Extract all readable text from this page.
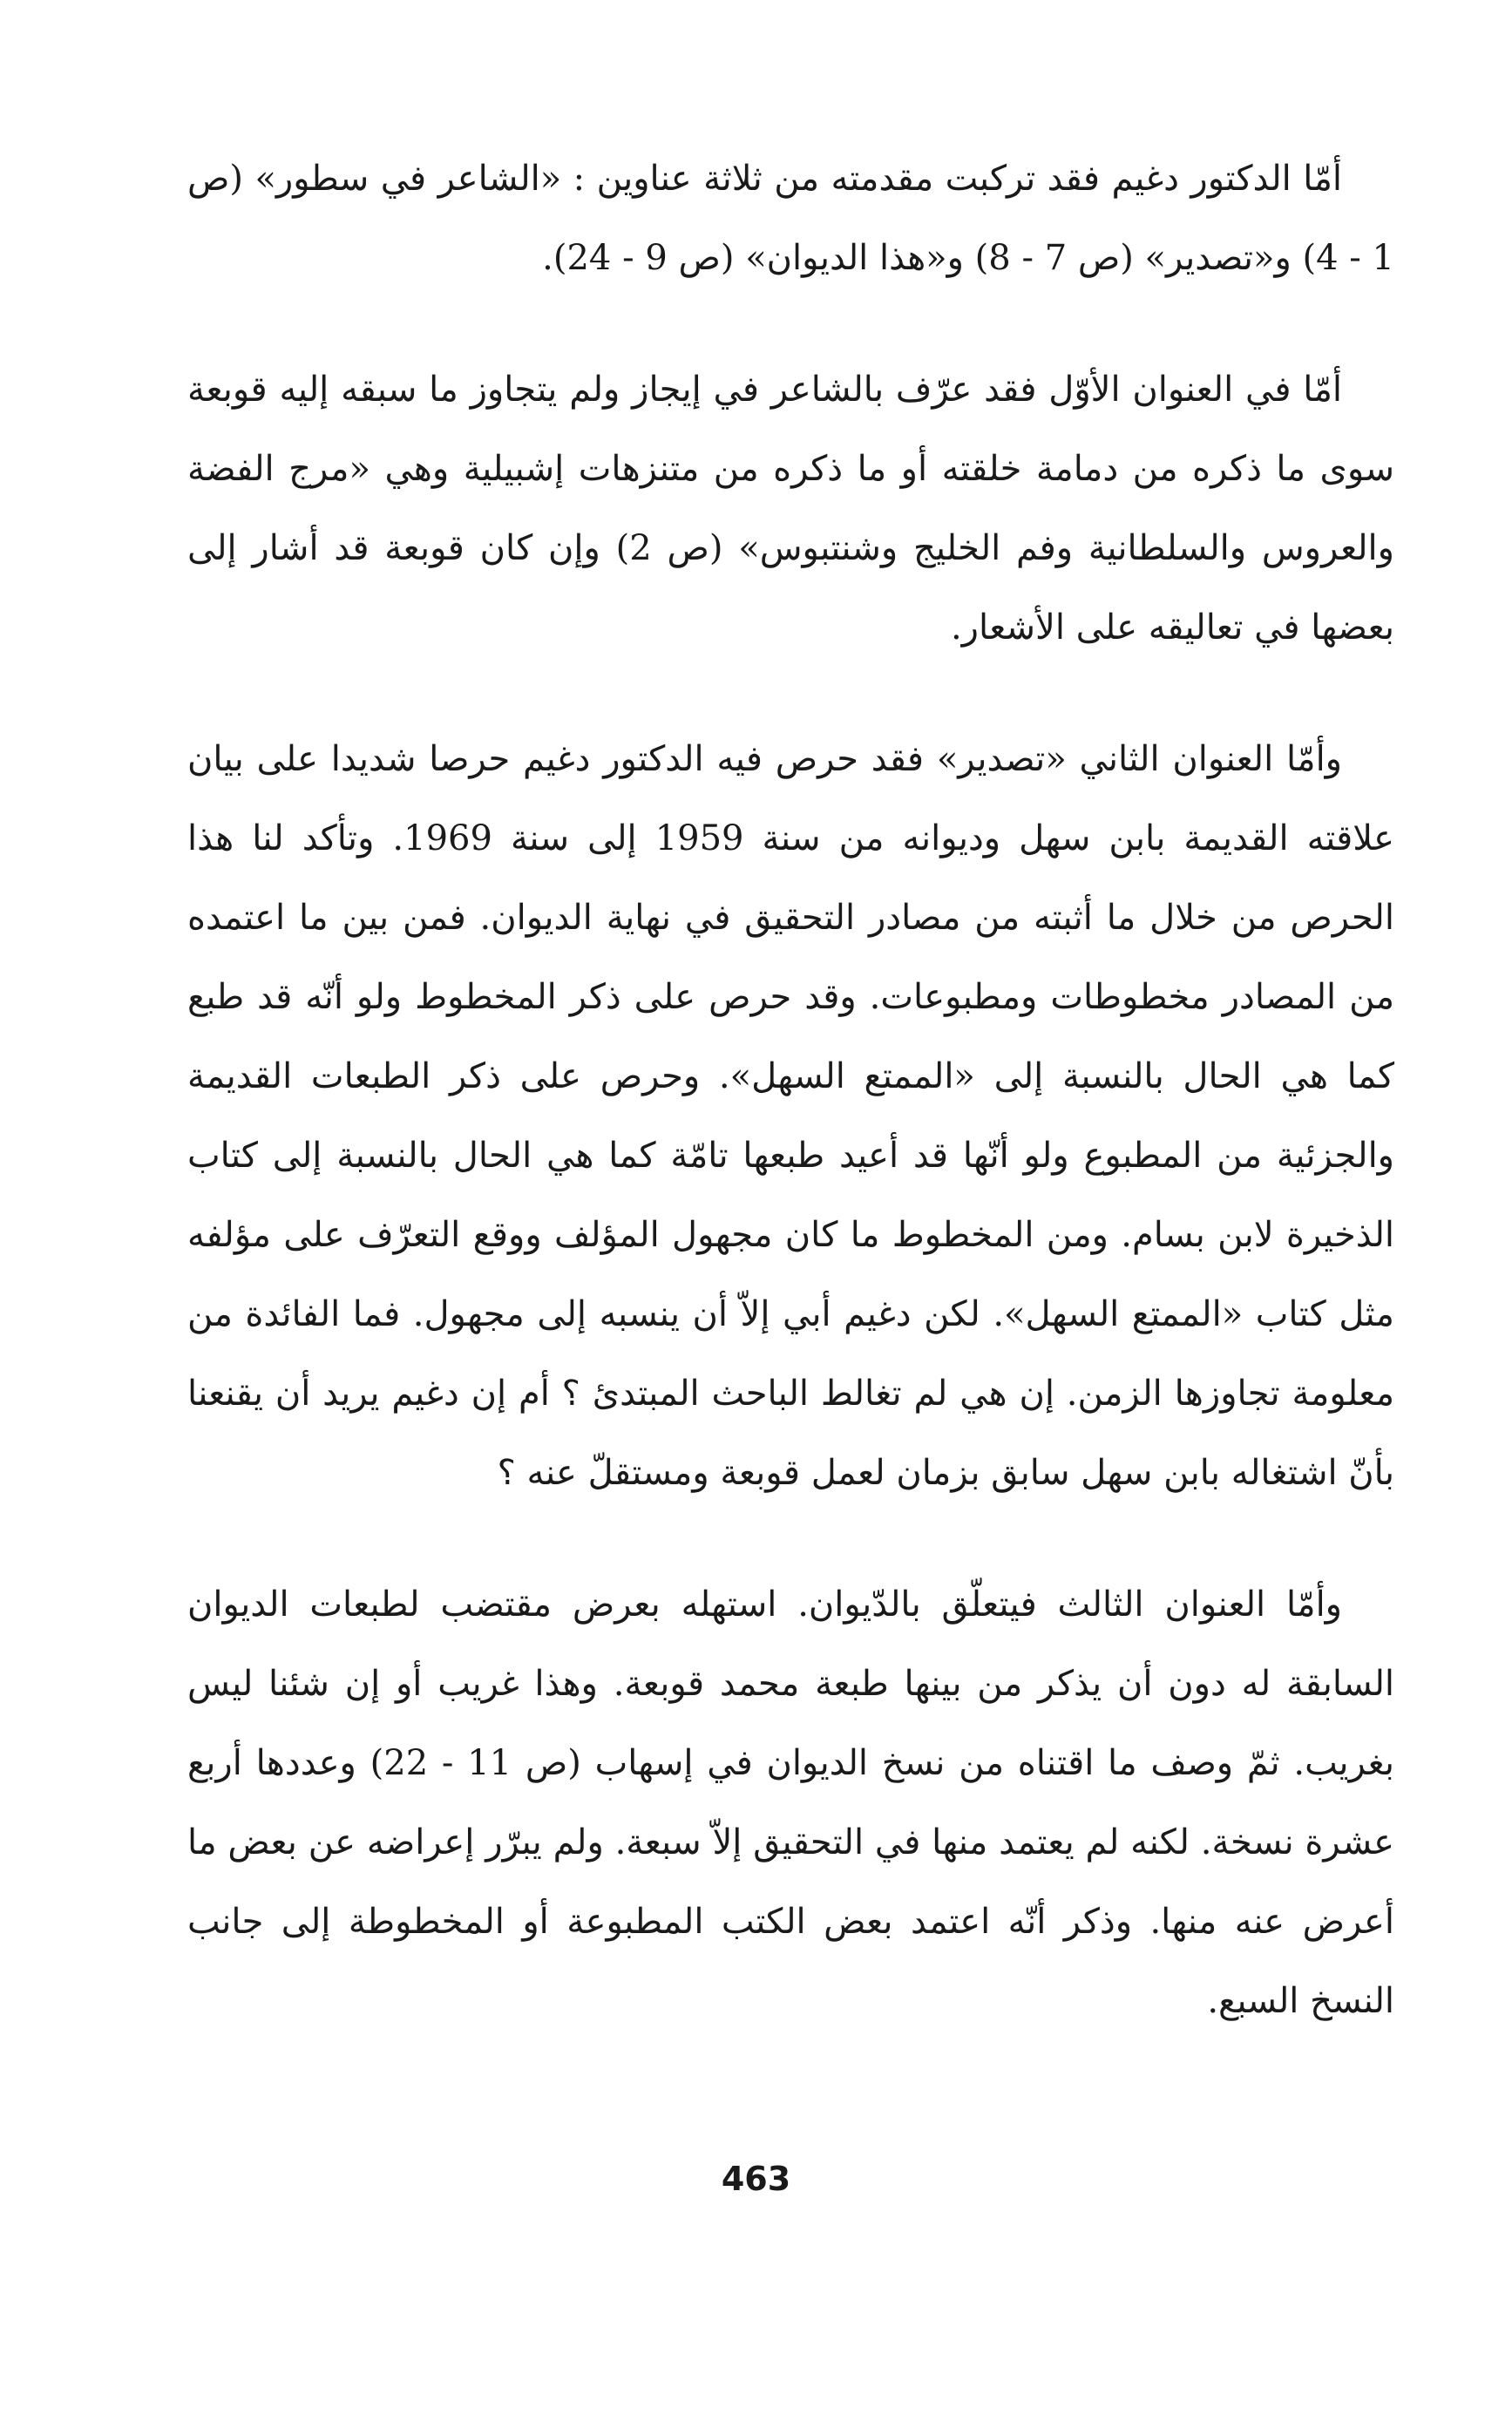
أمّا الدكتور دغيم فقد تركبت مقدمته من ثلاثة عناوين : «الشاعر في سطور» (ص 1 - 4) و«تصدير» (ص 7 - 8) و«هذا الديوان» (ص 9 - 24).

أمّا في العنوان الأوّل فقد عرّف بالشاعر في إيجاز ولم يتجاوز ما سبقه إليه قوبعة سوى ما ذكره من دمامة خلقته أو ما ذكره من متنزهات إشبيلية وهي «مرج الفضة والعروس والسلطانية وفم الخليج وشنتبوس» (ص 2) وإن كان قوبعة قد أشار إلى بعضها في تعاليقه على الأشعار.

وأمّا العنوان الثاني «تصدير» فقد حرص فيه الدكتور دغيم حرصا شديدا على بيان علاقته القديمة بابن سهل وديوانه من سنة 1959 إلى سنة 1969. وتأكد لنا هذا الحرص من خلال ما أثبته من مصادر التحقيق في نهاية الديوان. فمن بين ما اعتمده من المصادر مخطوطات ومطبوعات. وقد حرص على ذكر المخطوط ولو أنّه قد طبع كما هي الحال بالنسبة إلى «الممتع السهل». وحرص على ذكر الطبعات القديمة والجزئية من المطبوع ولو أنّها قد أعيد طبعها تامّة كما هي الحال بالنسبة إلى كتاب الذخيرة لابن بسام. ومن المخطوط ما كان مجهول المؤلف ووقع التعرّف على مؤلفه مثل كتاب «الممتع السهل». لكن دغيم أبي إلاّ أن ينسبه إلى مجهول. فما الفائدة من معلومة تجاوزها الزمن. إن هي لم تغالط الباحث المبتدئ ؟ أم إن دغيم يريد أن يقنعنا بأنّ اشتغاله بابن سهل سابق بزمان لعمل قوبعة ومستقلّ عنه ؟

وأمّا العنوان الثالث فيتعلّق بالدّيوان. استهله بعرض مقتضب لطبعات الديوان السابقة له دون أن يذكر من بينها طبعة محمد قوبعة. وهذا غريب أو إن شئنا ليس بغريب. ثمّ وصف ما اقتناه من نسخ الديوان في إسهاب (ص 11 - 22) وعددها أربع عشرة نسخة. لكنه لم يعتمد منها في التحقيق إلاّ سبعة. ولم يبرّر إعراضه عن بعض ما أعرض عنه منها. وذكر أنّه اعتمد بعض الكتب المطبوعة أو المخطوطة إلى جانب النسخ السبع.

463
